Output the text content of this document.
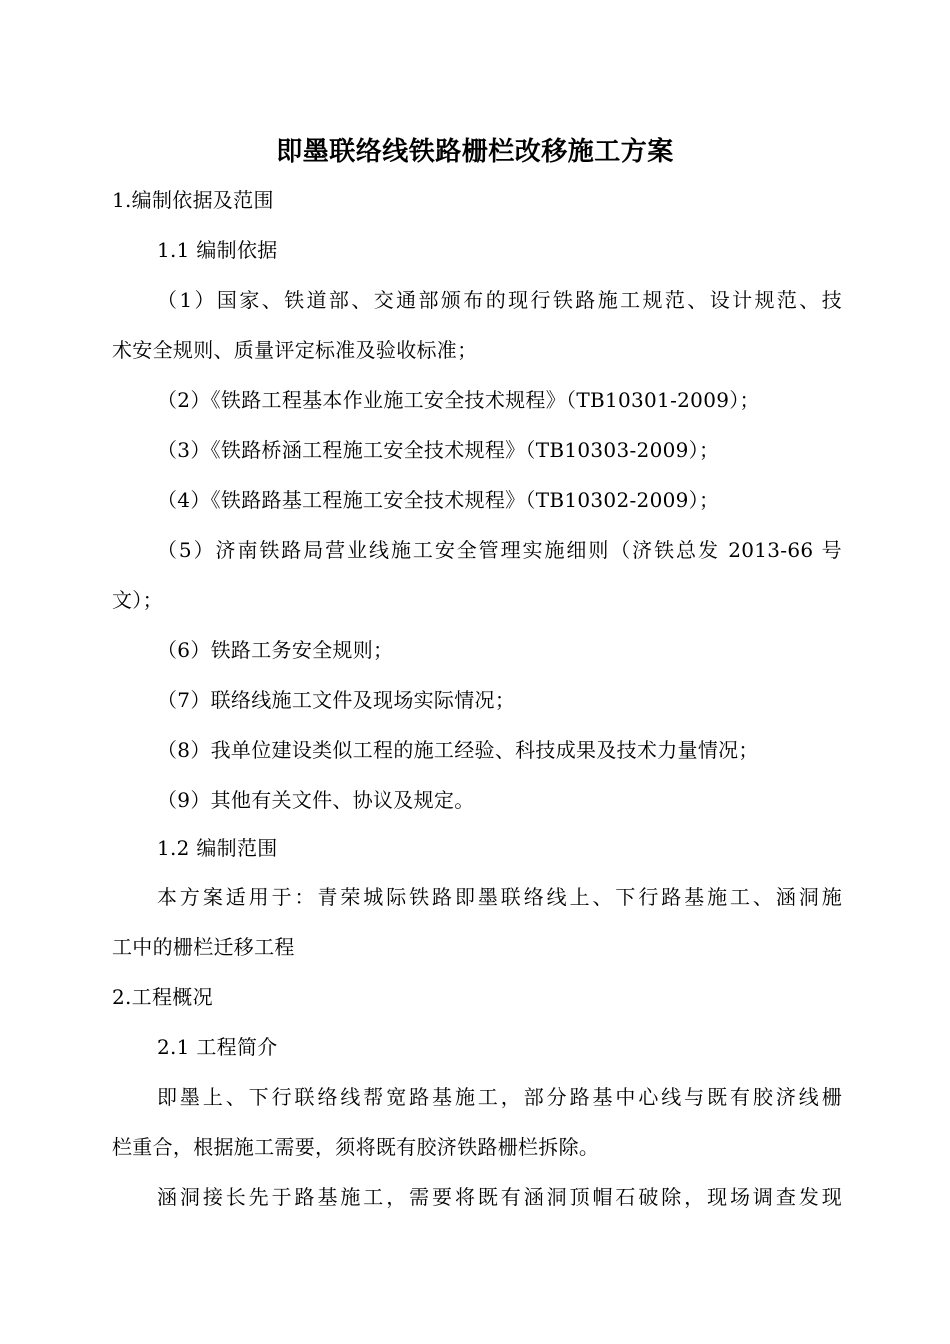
即墨联络线铁路栅栏改移施工方案
1.编制依据及范围
1.1 编制依据
（1）国家、铁道部、交通部颁布的现行铁路施工规范、设计规范、技
术安全规则、质量评定标准及验收标准；
（2）《铁路工程基本作业施工安全技术规程》（TB10301-2009）；
（3）《铁路桥涵工程施工安全技术规程》（TB10303-2009）；
（4）《铁路路基工程施工安全技术规程》（TB10302-2009）；
（5）济南铁路局营业线施工安全管理实施细则（济铁总发 2013-66 号
文）；
（6）铁路工务安全规则；
（7）联络线施工文件及现场实际情况；
（8）我单位建设类似工程的施工经验、科技成果及技术力量情况；
（9）其他有关文件、协议及规定。
1.2 编制范围
本方案适用于：青荣城际铁路即墨联络线上、下行路基施工、涵洞施
工中的栅栏迁移工程
2.工程概况
2.1 工程简介
即墨上、下行联络线帮宽路基施工，部分路基中心线与既有胶济线栅
栏重合，根据施工需要，须将既有胶济铁路栅栏拆除。
涵洞接长先于路基施工，需要将既有涵洞顶帽石破除，现场调查发现
